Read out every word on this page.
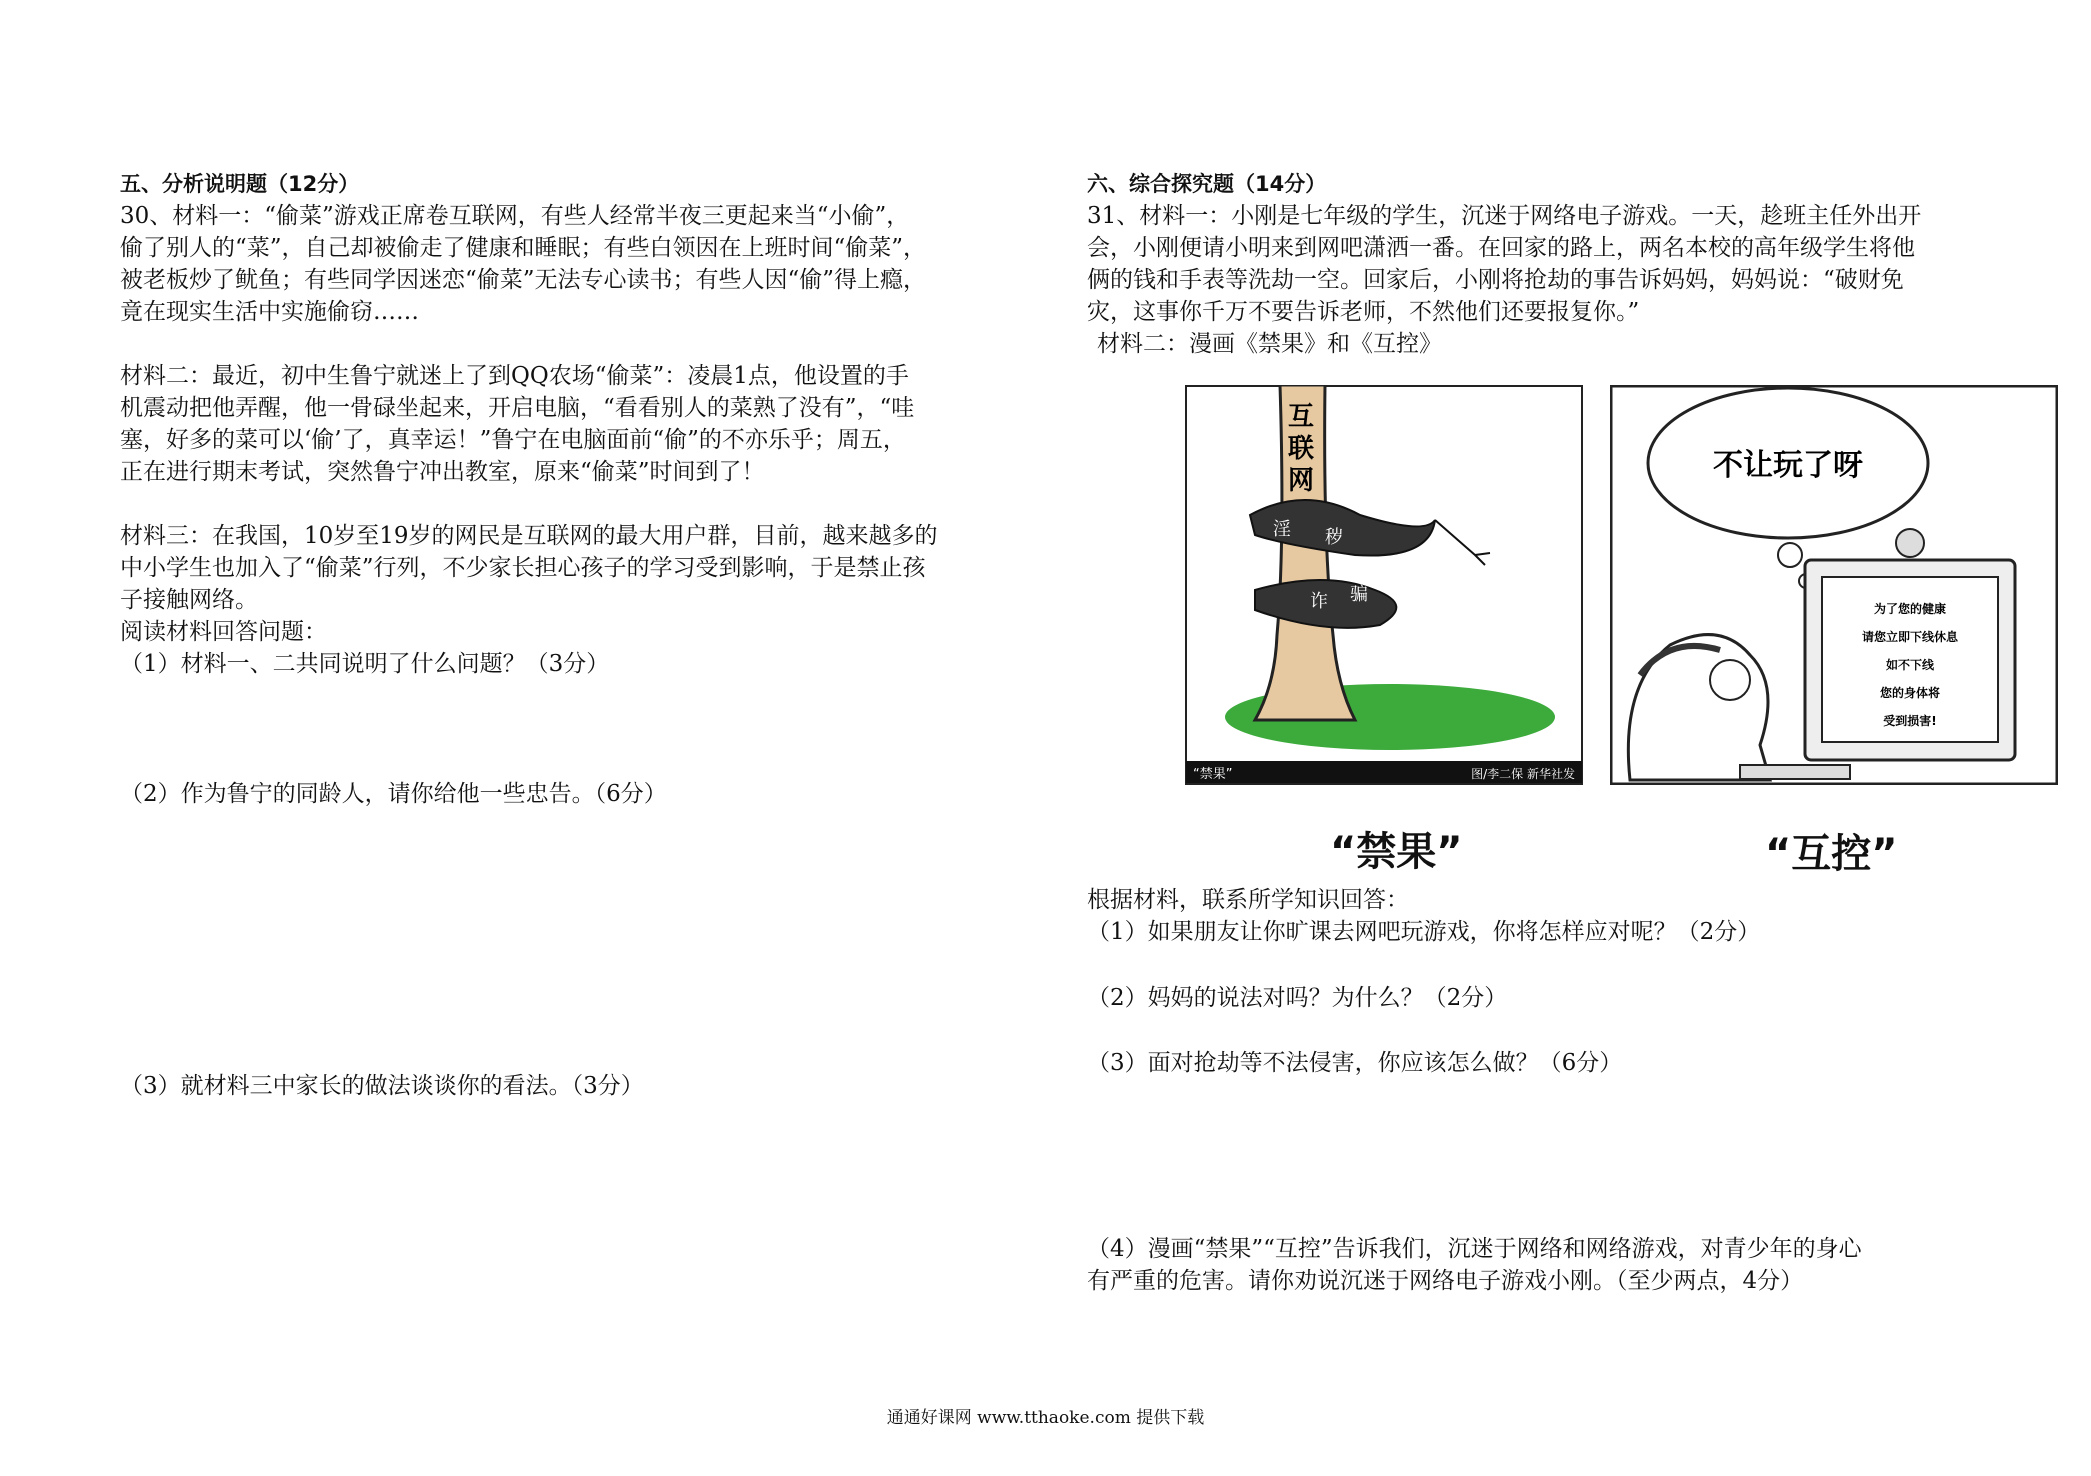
五、分析说明题（12分）

30、材料一：“偷菜”游戏正席卷互联网，有些人经常半夜三更起来当“小偷”，

偷了别人的“菜”，自己却被偷走了健康和睡眠；有些白领因在上班时间“偷菜”，

被老板炒了鱿鱼；有些同学因迷恋“偷菜”无法专心读书；有些人因“偷”得上瘾，

竟在现实生活中实施偷窃……

材料二：最近，初中生鲁宁就迷上了到QQ农场“偷菜”：凌晨1点，他设置的手

机震动把他弄醒，他一骨碌坐起来，开启电脑，“看看别人的菜熟了没有”，“哇

塞，好多的菜可以‘偷’了，真幸运！”鲁宁在电脑面前“偷”的不亦乐乎；周五，

正在进行期末考试，突然鲁宁冲出教室，原来“偷菜”时间到了！

材料三：在我国，10岁至19岁的网民是互联网的最大用户群，目前，越来越多的

中小学生也加入了“偷菜”行列，不少家长担心孩子的学习受到影响，于是禁止孩

子接触网络。

阅读材料回答问题：

（1）材料一、二共同说明了什么问题？（3分）

（2）作为鲁宁的同龄人，请你给他一些忠告。（6分）

（3）就材料三中家长的做法谈谈你的看法。（3分）

六、综合探究题（14分）

31、材料一：小刚是七年级的学生，沉迷于网络电子游戏。一天，趁班主任外出开

会，小刚便请小明来到网吧潇洒一番。在回家的路上，两名本校的高年级学生将他

俩的钱和手表等洗劫一空。回家后，小刚将抢劫的事告诉妈妈，妈妈说：“破财免

灾，这事你千万不要告诉老师，不然他们还要报复你。”

材料二：漫画《禁果》和《互控》

互
联
网
淫 秽
诈 骗
“禁果”	图/李二保 新华社发
不让玩了呀
为了您的健康
请您立即下线休息
如不下线
您的身体将
受到损害!
“禁果”	“互控”

根据材料，联系所学知识回答：

（1）如果朋友让你旷课去网吧玩游戏，你将怎样应对呢？（2分）

（2）妈妈的说法对吗？为什么？（2分）

（3）面对抢劫等不法侵害，你应该怎么做？（6分）

（4）漫画“禁果”“互控”告诉我们，沉迷于网络和网络游戏，对青少年的身心

有严重的危害。请你劝说沉迷于网络电子游戏小刚。（至少两点，4分）

通通好课网 www.tthaoke.com 提供下载
